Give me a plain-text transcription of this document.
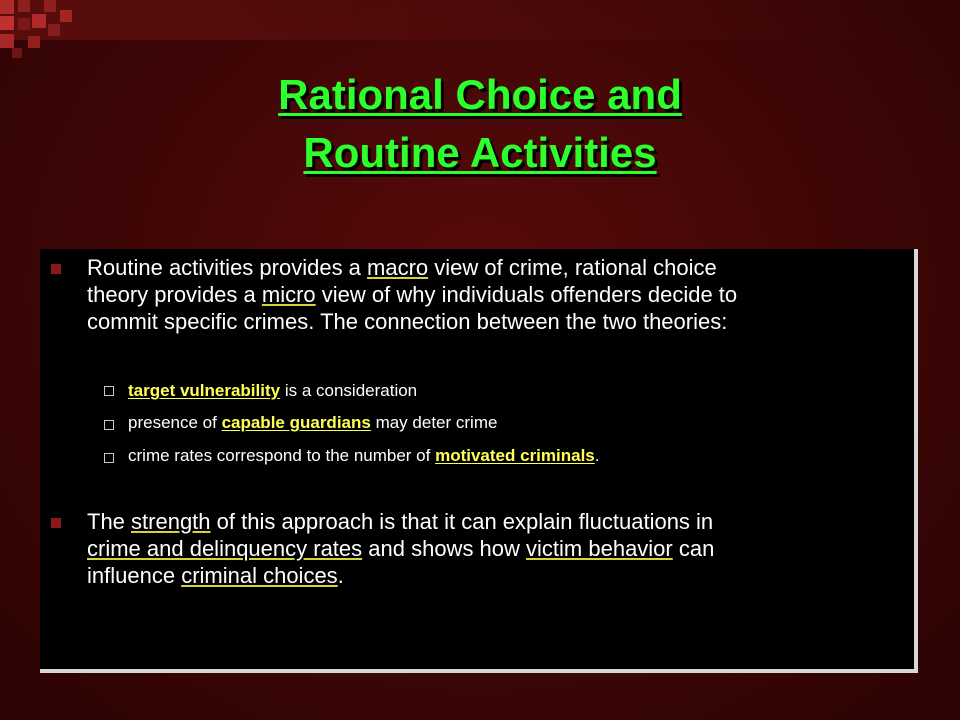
Rational Choice and
Routine Activities
Routine activities provides a macro view of crime, rational choice
theory provides a micro view of why individuals offenders decide to
commit specific crimes. The connection between the two theories:
target vulnerability is a consideration
presence of capable guardians may deter crime
crime rates correspond to the number of motivated criminals.
The strength of this approach is that it can explain fluctuations in
crime and delinquency rates and shows how victim behavior can
influence criminal choices.
